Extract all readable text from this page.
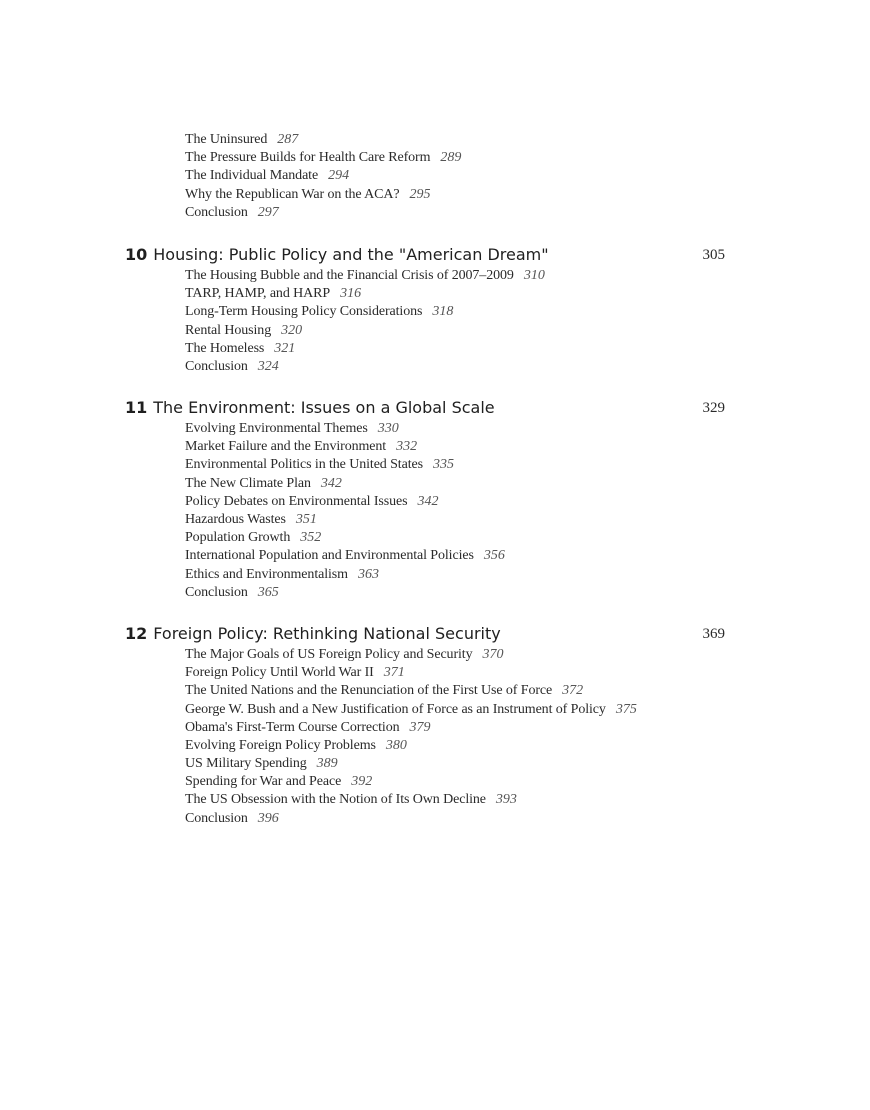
The Uninsured 287
The Pressure Builds for Health Care Reform 289
The Individual Mandate 294
Why the Republican War on the ACA? 295
Conclusion 297
10 Housing: Public Policy and the "American Dream"	305
The Housing Bubble and the Financial Crisis of 2007–2009 310
TARP, HAMP, and HARP 316
Long-Term Housing Policy Considerations 318
Rental Housing 320
The Homeless 321
Conclusion 324
11 The Environment: Issues on a Global Scale	329
Evolving Environmental Themes 330
Market Failure and the Environment 332
Environmental Politics in the United States 335
The New Climate Plan 342
Policy Debates on Environmental Issues 342
Hazardous Wastes 351
Population Growth 352
International Population and Environmental Policies 356
Ethics and Environmentalism 363
Conclusion 365
12 Foreign Policy: Rethinking National Security	369
The Major Goals of US Foreign Policy and Security 370
Foreign Policy Until World War II 371
The United Nations and the Renunciation of the First Use of Force 372
George W. Bush and a New Justification of Force as an Instrument of Policy 375
Obama's First-Term Course Correction 379
Evolving Foreign Policy Problems 380
US Military Spending 389
Spending for War and Peace 392
The US Obsession with the Notion of Its Own Decline 393
Conclusion 396
